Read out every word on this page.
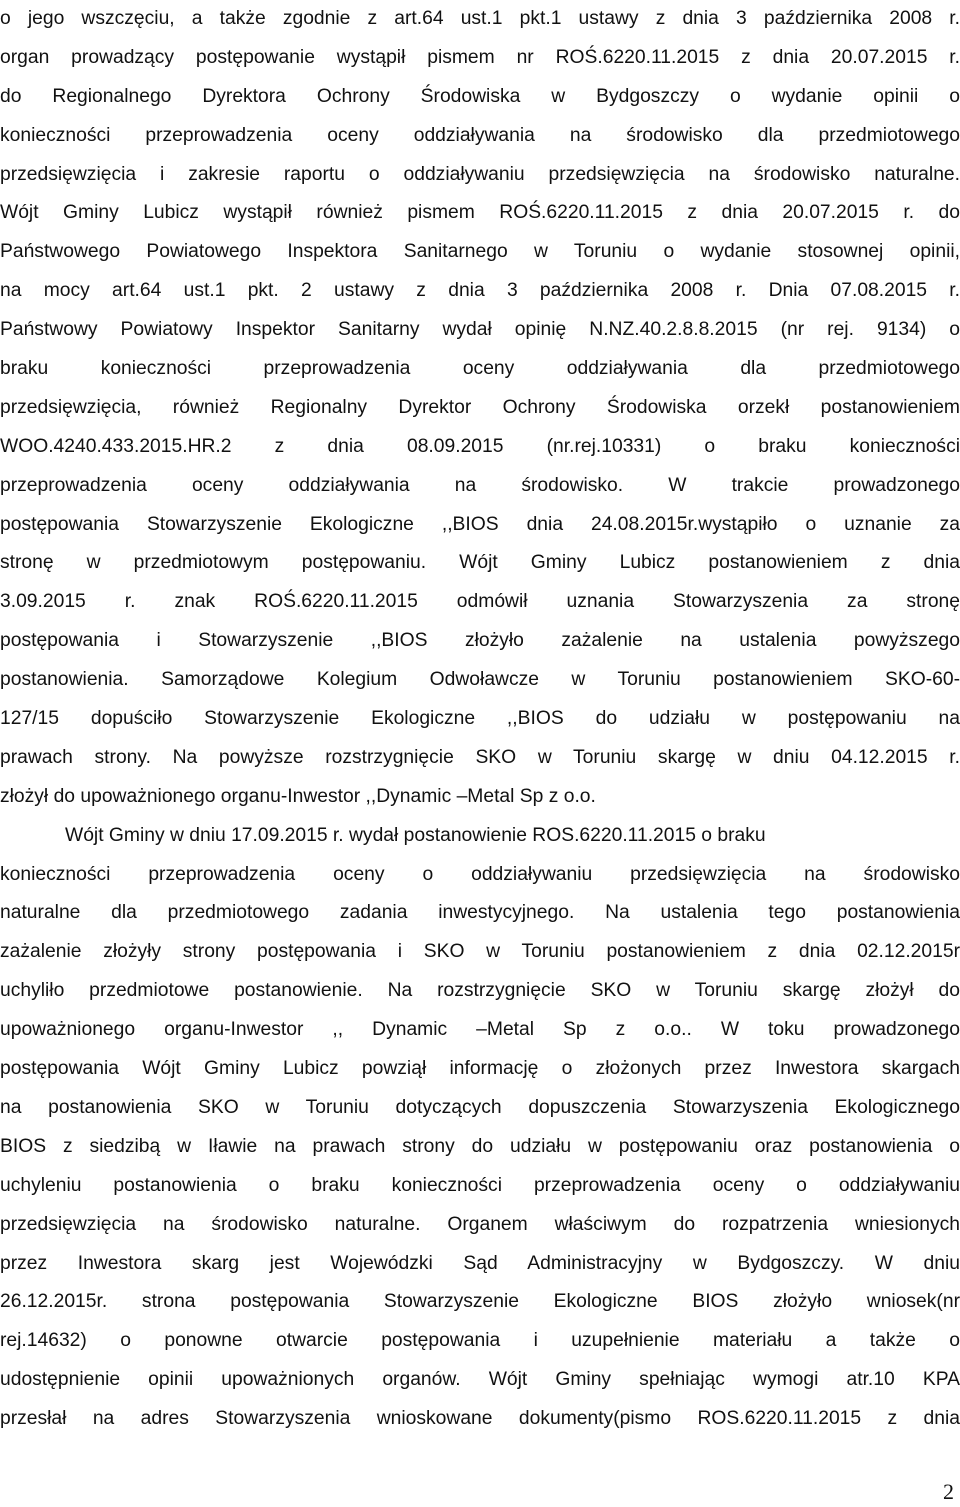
o jego wszczęciu, a także zgodnie z art.64 ust.1 pkt.1 ustawy z dnia 3 października 2008 r.
organ prowadzący postępowanie wystąpił pismem nr ROŚ.6220.11.2015 z dnia 20.07.2015 r.
do Regionalnego Dyrektora Ochrony Środowiska w Bydgoszczy o wydanie opinii o
konieczności przeprowadzenia oceny oddziaływania na środowisko dla przedmiotowego
przedsięwzięcia i zakresie raportu o oddziaływaniu przedsięwzięcia na środowisko naturalne.
Wójt Gminy Lubicz wystąpił również pismem ROŚ.6220.11.2015 z dnia 20.07.2015 r. do
Państwowego Powiatowego Inspektora Sanitarnego w Toruniu o wydanie stosownej opinii,
na mocy art.64 ust.1 pkt. 2 ustawy z dnia 3 października 2008 r. Dnia 07.08.2015 r.
Państwowy Powiatowy Inspektor Sanitarny wydał opinię N.NZ.40.2.8.8.2015 (nr rej. 9134) o
braku konieczności przeprowadzenia oceny oddziaływania dla przedmiotowego
przedsięwzięcia, również Regionalny Dyrektor Ochrony Środowiska orzekł postanowieniem
WOO.4240.433.2015.HR.2 z dnia 08.09.2015 (nr.rej.10331) o braku konieczności
przeprowadzenia oceny oddziaływania na środowisko. W trakcie prowadzonego
postępowania Stowarzyszenie Ekologiczne ,,BIOS dnia 24.08.2015r.wystąpiło o uznanie za
stronę w przedmiotowym postępowaniu. Wójt Gminy Lubicz postanowieniem z dnia
3.09.2015 r. znak ROŚ.6220.11.2015 odmówił uznania Stowarzyszenia za stronę
postępowania i Stowarzyszenie ,,BIOS złożyło zażalenie na ustalenia powyższego
postanowienia. Samorządowe Kolegium Odwoławcze w Toruniu postanowieniem SKO-60-
127/15 dopuściło Stowarzyszenie Ekologiczne ,,BIOS do udziału w postępowaniu na
prawach strony. Na powyższe rozstrzygnięcie SKO w Toruniu skargę w dniu 04.12.2015 r.
złożył do upoważnionego organu-Inwestor ,,Dynamic –Metal Sp z o.o.
Wójt Gminy w dniu 17.09.2015 r. wydał postanowienie ROS.6220.11.2015 o braku
konieczności przeprowadzenia oceny o oddziaływaniu przedsięwzięcia na środowisko
naturalne dla przedmiotowego zadania inwestycyjnego. Na ustalenia tego postanowienia
zażalenie złożyły strony postępowania i SKO w Toruniu postanowieniem z dnia 02.12.2015r
uchyliło przedmiotowe postanowienie. Na rozstrzygnięcie SKO w Toruniu skargę złożył do
upoważnionego organu-Inwestor ,, Dynamic –Metal Sp z o.o.. W toku prowadzonego
postępowania Wójt Gminy Lubicz powziął informację o złożonych przez Inwestora skargach
na postanowienia SKO w Toruniu dotyczących dopuszczenia Stowarzyszenia Ekologicznego
BIOS z siedzibą w Iławie na prawach strony do udziału w postępowaniu oraz postanowienia o
uchyleniu postanowienia o braku konieczności przeprowadzenia oceny o oddziaływaniu
przedsięwzięcia na środowisko naturalne. Organem właściwym do rozpatrzenia wniesionych
przez Inwestora skarg jest Wojewódzki Sąd Administracyjny w Bydgoszczy. W dniu
26.12.2015r. strona postępowania Stowarzyszenie Ekologiczne BIOS złożyło wniosek(nr
rej.14632) o ponowne otwarcie postępowania i uzupełnienie materiału a także o
udostępnienie opinii upoważnionych organów. Wójt Gminy spełniając wymogi atr.10 KPA
przesłał na adres Stowarzyszenia wnioskowane dokumenty(pismo ROS.6220.11.2015 z dnia
2
